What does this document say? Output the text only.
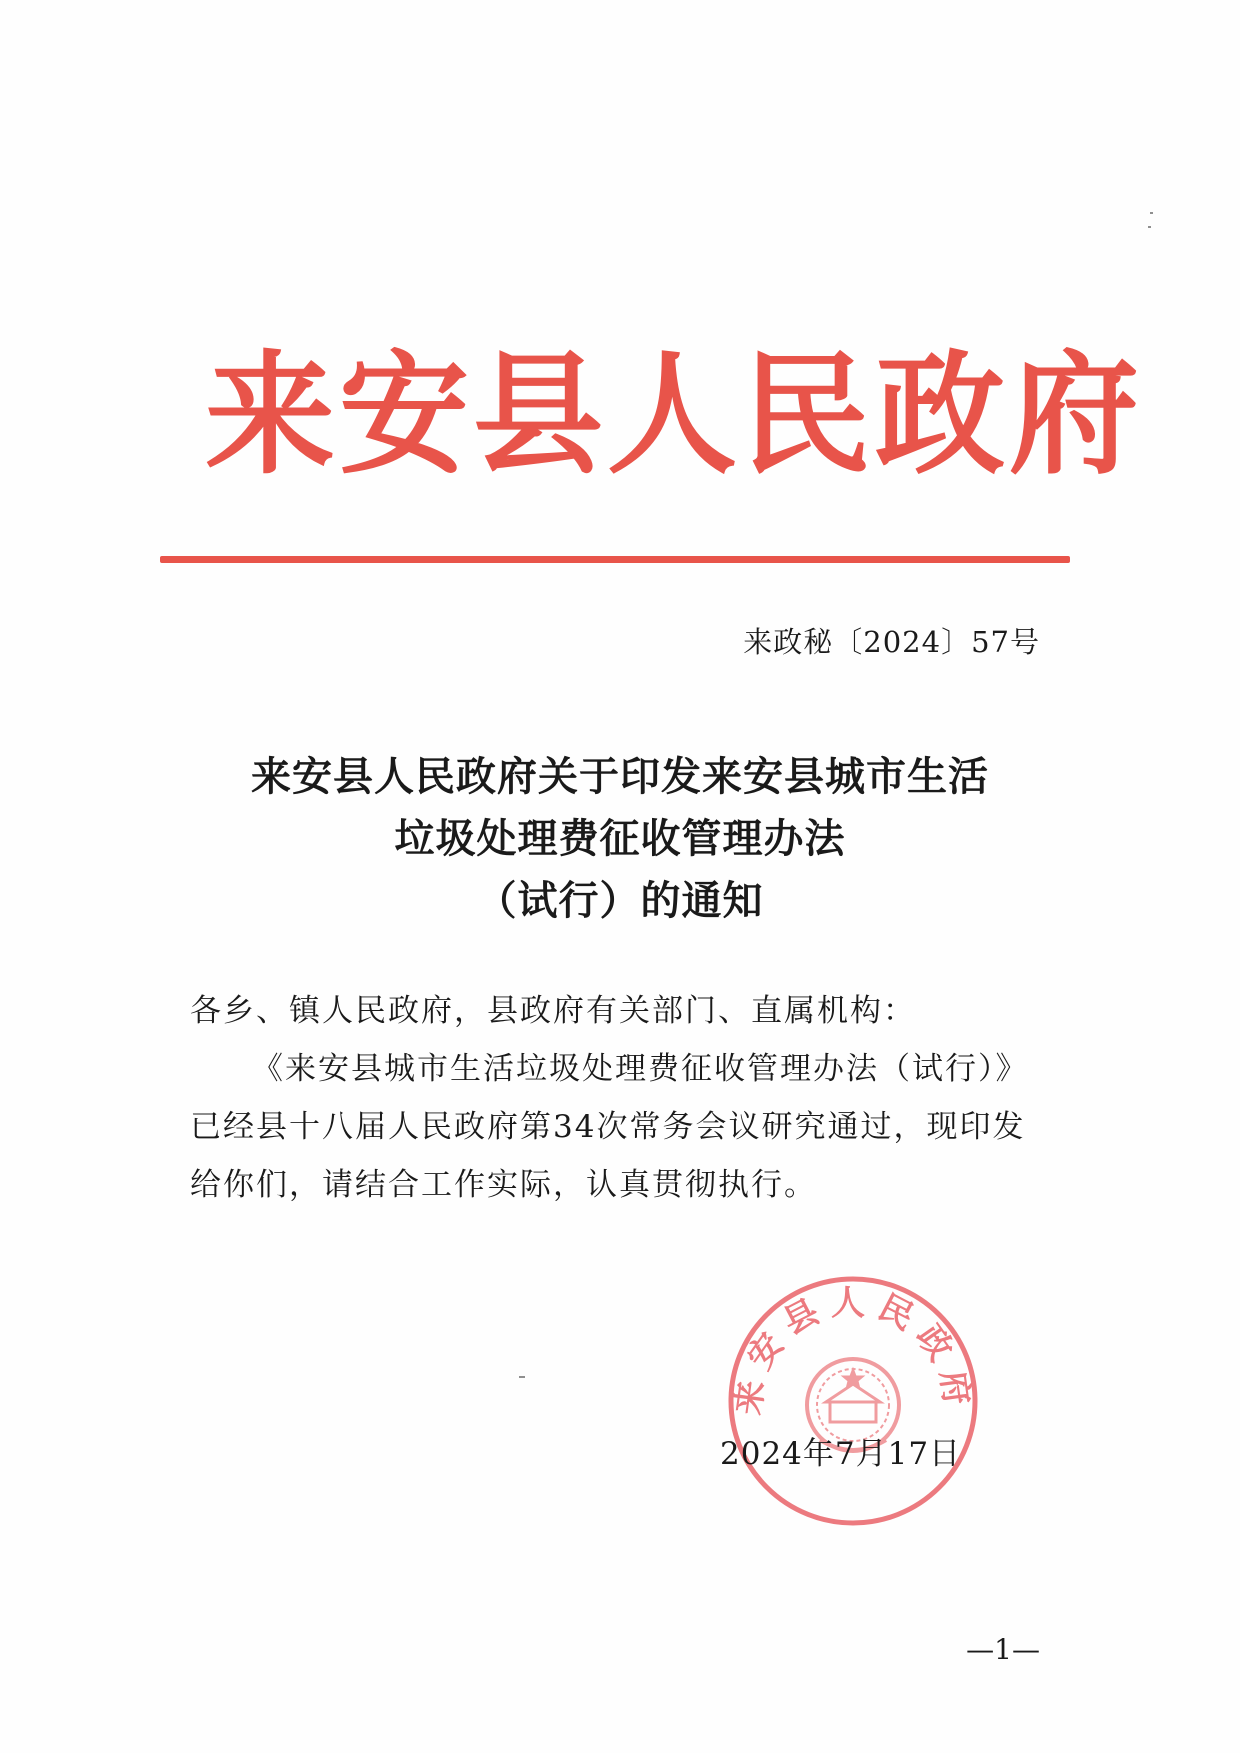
来安县人民政府
来政秘〔2024〕57号
来安县人民政府关于印发来安县城市生活
垃圾处理费征收管理办法
（试行）的通知

各乡、镇人民政府，县政府有关部门、直属机构：

《来安县城市生活垃圾处理费征收管理办法（试行）》已经县十八届人民政府第34次常务会议研究通过，现印发给你们，请结合工作实际，认真贯彻执行。

来安县人民政府
2024年7月17日
—1—
